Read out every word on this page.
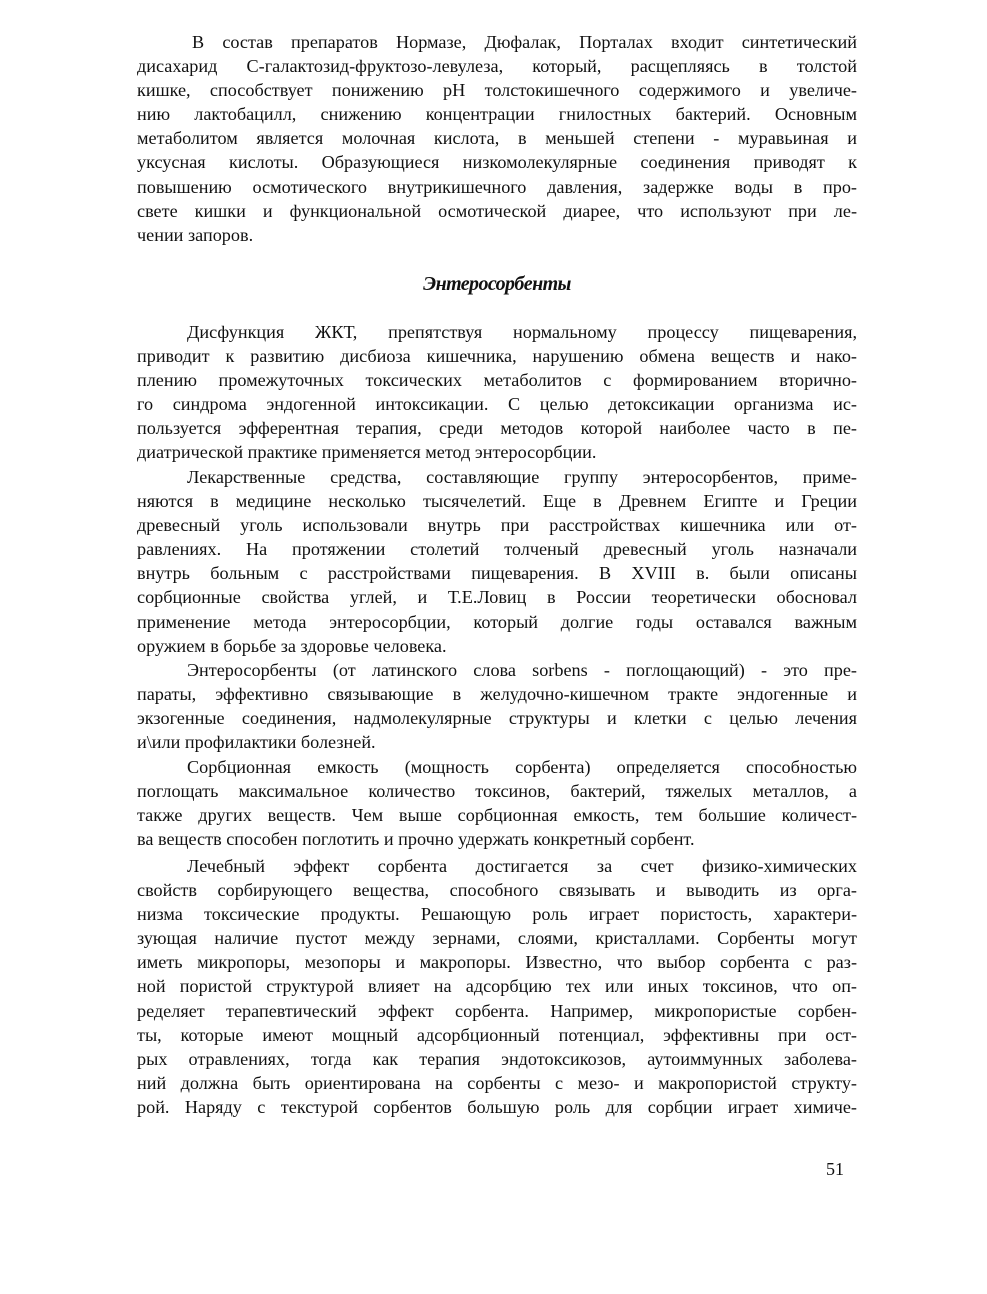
В состав препаратов Нормазе, Дюфалак, Порталах входит синтетический
дисахарид С-галактозид-фруктозо-левулеза, который, расщепляясь в толстой
кишке, способствует понижению рН толстокишечного содержимого и увеличе-
нию лактобацилл, снижению концентрации гнилостных бактерий. Основным
метаболитом является молочная кислота, в меньшей степени - муравьиная и
уксусная кислоты. Образующиеся низкомолекулярные соединения приводят к
повышению осмотического внутрикишечного давления, задержке воды в про-
свете кишки и функциональной осмотической диарее, что используют при ле-
чении запоров.
Энтеросорбенты
Дисфункция ЖКТ, препятствуя нормальному процессу пищеварения,
приводит к развитию дисбиоза кишечника, нарушению обмена веществ и нако-
плению промежуточных токсических метаболитов с формированием вторично-
го синдрома эндогенной интоксикации. С целью детоксикации организма ис-
пользуется эфферентная терапия, среди методов которой наиболее часто в пе-
диатрической практике применяется метод энтеросорбции.
Лекарственные средства, составляющие группу энтеросорбентов, приме-
няются в медицине несколько тысячелетий. Еще в Древнем Египте и Греции
древесный уголь использовали внутрь при расстройствах кишечника или от-
равлениях. На протяжении столетий толченый древесный уголь назначали
внутрь больным с расстройствами пищеварения. В XVIII в. были описаны
сорбционные свойства углей, и Т.Е.Ловиц в России теоретически обосновал
применение метода энтеросорбции, который долгие годы оставался важным
оружием в борьбе за здоровье человека.
Энтеросорбенты (от латинского слова sorbens - поглощающий) - это пре-
параты, эффективно связывающие в желудочно-кишечном тракте эндогенные и
экзогенные соединения, надмолекулярные структуры и клетки с целью лечения
и\или профилактики болезней.
Сорбционная емкость (мощность сорбента) определяется способностью
поглощать максимальное количество токсинов, бактерий, тяжелых металлов, а
также других веществ. Чем выше сорбционная емкость, тем большие количест-
ва веществ способен поглотить и прочно удержать конкретный сорбент.
Лечебный эффект сорбента достигается за счет физико-химических
свойств сорбирующего вещества, способного связывать и выводить из орга-
низма токсические продукты. Решающую роль играет пористость, характери-
зующая наличие пустот между зернами, слоями, кристаллами. Сорбенты могут
иметь микропоры, мезопоры и макропоры. Известно, что выбор сорбента с раз-
ной пористой структурой влияет на адсорбцию тех или иных токсинов, что оп-
ределяет терапевтический эффект сорбента. Например, микропористые сорбен-
ты, которые имеют мощный адсорбционный потенциал, эффективны при ост-
рых отравлениях, тогда как терапия эндотоксикозов, аутоиммунных заболева-
ний должна быть ориентирована на сорбенты с мезо- и макропористой структу-
рой. Наряду с текстурой сорбентов большую роль для сорбции играет химиче-
51
